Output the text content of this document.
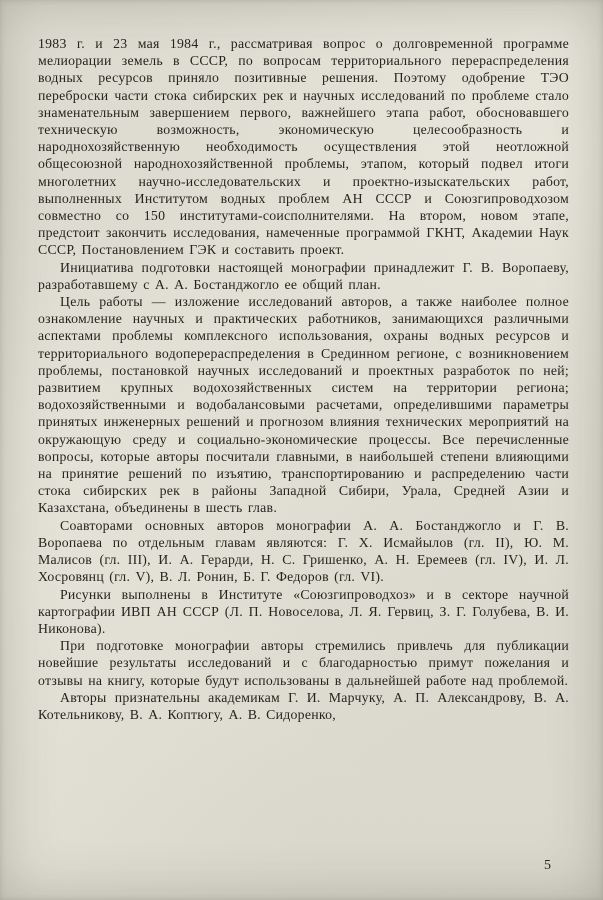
1983 г. и 23 мая 1984 г., рассматривая вопрос о долговременной программе мелиорации земель в СССР, по вопросам территориального перераспределения водных ресурсов приняло позитивные решения. Поэтому одобрение ТЭО переброски части стока сибирских рек и научных исследований по проблеме стало знаменательным завершением первого, важнейшего этапа работ, обосновавшего техническую возможность, экономическую целесообразность и народнохозяйственную необходимость осуществления этой неотложной общесоюзной народнохозяйственной проблемы, этапом, который подвел итоги многолетних научно-исследовательских и проектно-изыскательских работ, выполненных Институтом водных проблем АН СССР и Союзгипроводхозом совместно со 150 институтами-соисполнителями. На втором, новом этапе, предстоит закончить исследования, намеченные программой ГКНТ, Академии Наук СССР, Постановлением ГЭК и составить проект.

Инициатива подготовки настоящей монографии принадлежит Г. В. Воропаеву, разработавшему с А. А. Бостанджогло ее общий план.

Цель работы — изложение исследований авторов, а также наиболее полное ознакомление научных и практических работников, занимающихся различными аспектами проблемы комплексного использования, охраны водных ресурсов и территориального водоперераспределения в Срединном регионе, с возникновением проблемы, постановкой научных исследований и проектных разработок по ней; развитием крупных водохозяйственных систем на территории региона; водохозяйственными и водобалансовыми расчетами, определившими параметры принятых инженерных решений и прогнозом влияния технических мероприятий на окружающую среду и социально-экономические процессы. Все перечисленные вопросы, которые авторы посчитали главными, в наибольшей степени влияющими на принятие решений по изъятию, транспортированию и распределению части стока сибирских рек в районы Западной Сибири, Урала, Средней Азии и Казахстана, объединены в шесть глав.

Соавторами основных авторов монографии А. А. Бостанджогло и Г. В. Воропаева по отдельным главам являются: Г. Х. Исмайылов (гл. II), Ю. М. Малисов (гл. III), И. А. Герарди, Н. С. Гришенко, А. Н. Еремеев (гл. IV), И. Л. Хосровянц (гл. V), В. Л. Ронин, Б. Г. Федоров (гл. VI).

Рисунки выполнены в Институте «Союзгипроводхоз» и в секторе научной картографии ИВП АН СССР (Л. П. Новоселова, Л. Я. Гервиц, З. Г. Голубева, В. И. Никонова).

При подготовке монографии авторы стремились привлечь для публикации новейшие результаты исследований и с благодарностью примут пожелания и отзывы на книгу, которые будут использованы в дальнейшей работе над проблемой.

Авторы признательны академикам Г. И. Марчуку, А. П. Александрову, В. А. Котельникову, В. А. Коптюгу, А. В. Сидоренко,

5
